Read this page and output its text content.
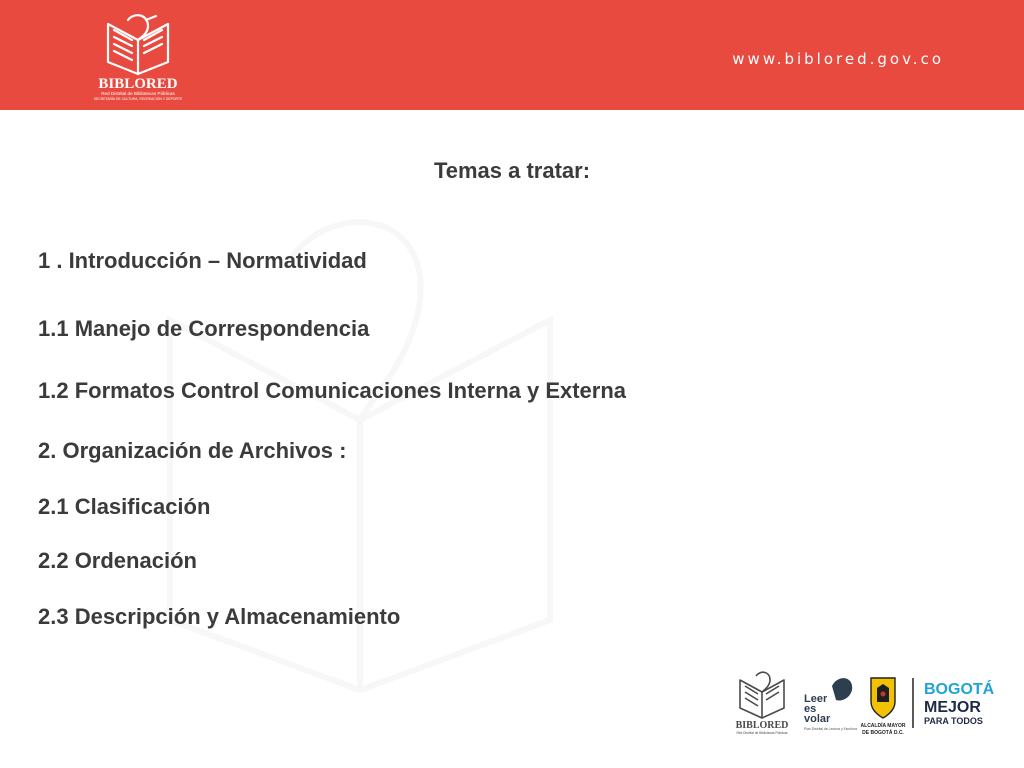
BIBLORED
Red Distrital de Bibliotecas Públicas
SECRETARÍA DE CULTURA, RECREACIÓN Y DEPORTE
www.biblored.gov.co
Temas a tratar:
1 . Introducción – Normatividad
1.1 Manejo de Correspondencia
1.2 Formatos Control Comunicaciones Interna y Externa
2. Organización de Archivos :
2.1 Clasificación
2.2 Ordenación
2.3 Descripción y Almacenamiento
BIBLORED
Red Distrital de Bibliotecas Públicas
Leer
es
volar
Plan Distrital de Lectura y Escritura ALCALDÍA MAYOR
DE BOGOTÁ D.C.
BOGOTÁ
MEJOR
PARA TODOS
